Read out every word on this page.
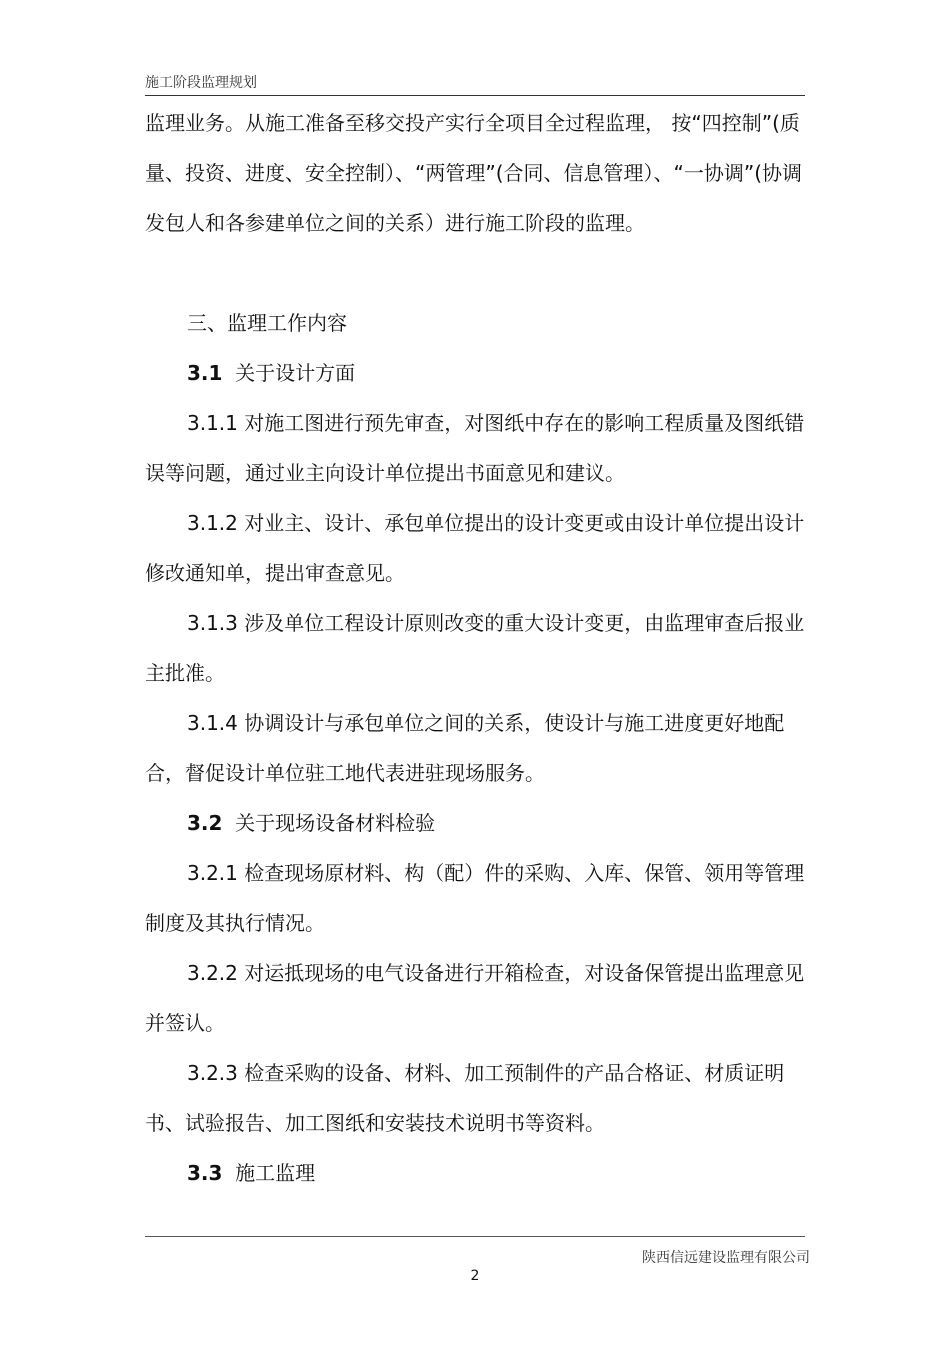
施工阶段监理规划

监理业务。从施工准备至移交投产实行全项目全过程监理， 按“四控制”(质量、投资、进度、安全控制）、“两管理”(合同、信息管理）、“一协调”(协调发包人和各参建单位之间的关系）进行施工阶段的监理。

三、监理工作内容

3.1 关于设计方面

3.1.1 对施工图进行预先审查，对图纸中存在的影响工程质量及图纸错误等问题，通过业主向设计单位提出书面意见和建议。

3.1.2 对业主、设计、承包单位提出的设计变更或由设计单位提出设计修改通知单，提出审查意见。

3.1.3 涉及单位工程设计原则改变的重大设计变更，由监理审查后报业主批准。

3.1.4 协调设计与承包单位之间的关系，使设计与施工进度更好地配合，督促设计单位驻工地代表进驻现场服务。

3.2 关于现场设备材料检验

3.2.1 检查现场原材料、构（配）件的采购、入库、保管、领用等管理制度及其执行情况。

3.2.2 对运抵现场的电气设备进行开箱检查，对设备保管提出监理意见并签认。

3.2.3 检查采购的设备、材料、加工预制件的产品合格证、材质证明书、试验报告、加工图纸和安装技术说明书等资料。

3.3 施工监理

陕西信远建设监理有限公司
2
